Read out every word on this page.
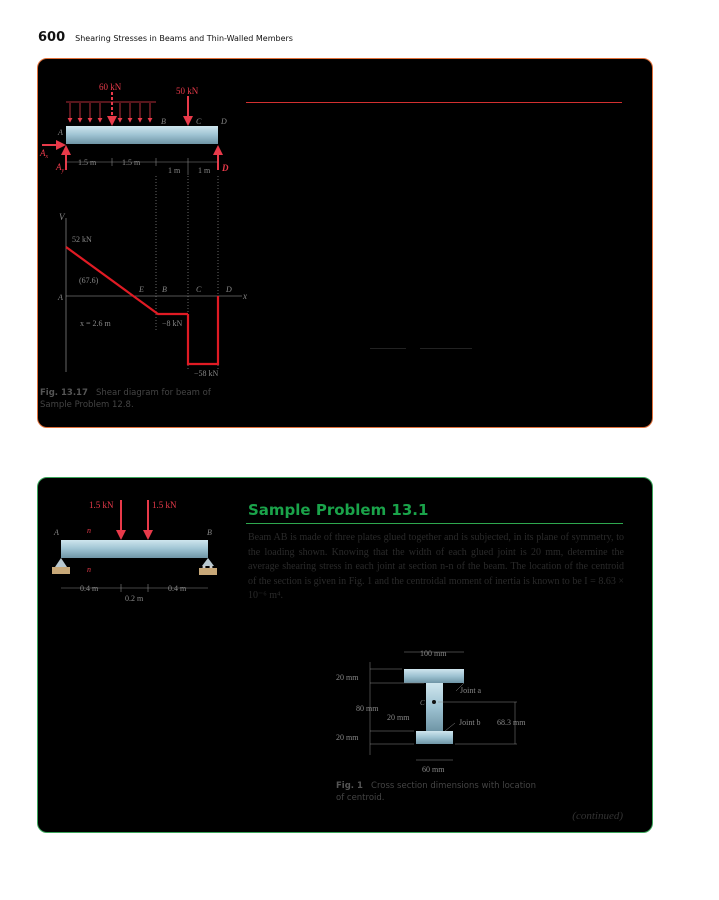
600 Shearing Stresses in Beams and Thin-Walled Members
60 kN	50 kN
A
B	C D
$A_x$
$A_y$	D
1.5 m	1.5 m
1 m 1 m
V
x
52 kN
(67.6)
A
E B	C	D
x = 2.6 m	−8 kN
−58 kN
Fig. 13.17 Shear diagram for beam of Sample Problem 12.8.
1.5 kN	1.5 kN
n
n
A	B
0.4 m
0.2 m
0.4 m
100 mm
20 mm
80 mm
20 mm
20 mm
60 mm
Joint a
Joint b 68.3 mm
C
Sample Problem 13.1
Beam AB is made of three plates glued together and is subjected, in its plane of symmetry, to the loading shown. Knowing that the width of each glued joint is 20 mm, determine the average shearing stress in each joint at section n-n of the beam. The location of the centroid of the section is given in Fig. 1 and the centroidal moment of inertia is known to be I = 8.63 × 10⁻⁶ m⁴.
Fig. 1 Cross section dimensions with location of centroid.
(continued)
